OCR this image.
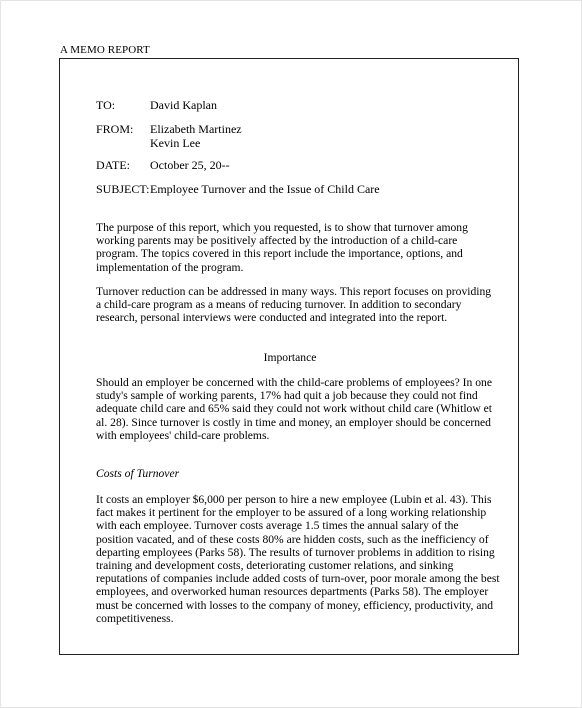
A MEMO REPORT
TO:	David Kaplan
FROM: Elizabeth Martinez
Kevin Lee
DATE: October 25, 20--
SUBJECT: Employee Turnover and the Issue of Child Care
The purpose of this report, which you requested, is to show that turnover among
working parents may be positively affected by the introduction of a child-care
program. The topics covered in this report include the importance, options, and
implementation of the program.
Turnover reduction can be addressed in many ways. This report focuses on providing
a child-care program as a means of reducing turnover. In addition to secondary
research, personal interviews were conducted and integrated into the report.
Importance
Should an employer be concerned with the child-care problems of employees? In one
study's sample of working parents, 17% had quit a job because they could not find
adequate child care and 65% said they could not work without child care (Whitlow et
al. 28). Since turnover is costly in time and money, an employer should be concerned
with employees' child-care problems.
Costs of Turnover
It costs an employer $6,000 per person to hire a new employee (Lubin et al. 43). This
fact makes it pertinent for the employer to be assured of a long working relationship
with each employee. Turnover costs average 1.5 times the annual salary of the
position vacated, and of these costs 80% are hidden costs, such as the inefficiency of
departing employees (Parks 58). The results of turnover problems in addition to rising
training and development costs, deteriorating customer relations, and sinking
reputations of companies include added costs of turn-over, poor morale among the best
employees, and overworked human resources departments (Parks 58). The employer
must be concerned with losses to the company of money, efficiency, productivity, and
competitiveness.
